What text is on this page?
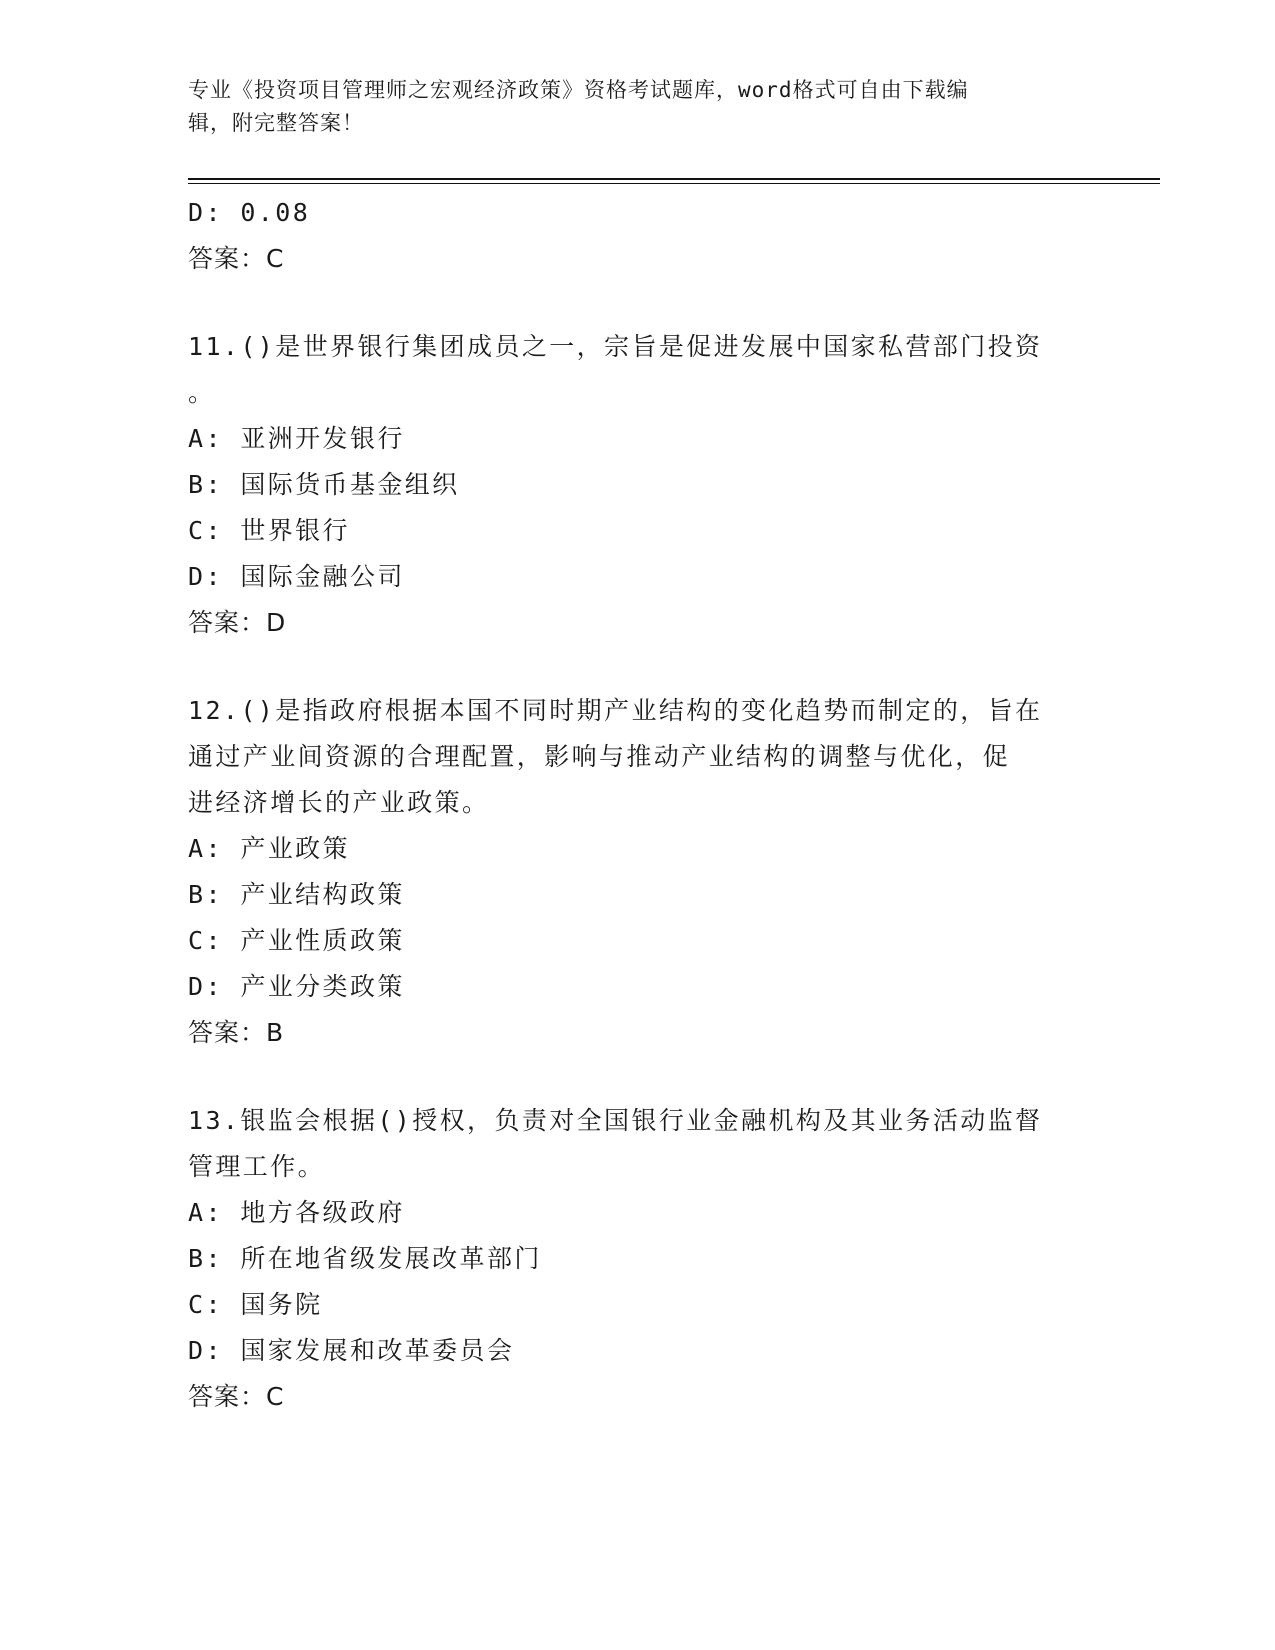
专业《投资项目管理师之宏观经济政策》资格考试题库，word格式可自由下载编
辑，附完整答案！
D: 0.08
答案：C
11.()是世界银行集团成员之一，宗旨是促进发展中国家私营部门投资
。
A: 亚洲开发银行
B: 国际货币基金组织
C: 世界银行
D: 国际金融公司
答案：D
12.()是指政府根据本国不同时期产业结构的变化趋势而制定的，旨在
通过产业间资源的合理配置，影响与推动产业结构的调整与优化，促
进经济增长的产业政策。
A: 产业政策
B: 产业结构政策
C: 产业性质政策
D: 产业分类政策
答案：B
13.银监会根据()授权，负责对全国银行业金融机构及其业务活动监督
管理工作。
A: 地方各级政府
B: 所在地省级发展改革部门
C: 国务院
D: 国家发展和改革委员会
答案：C
